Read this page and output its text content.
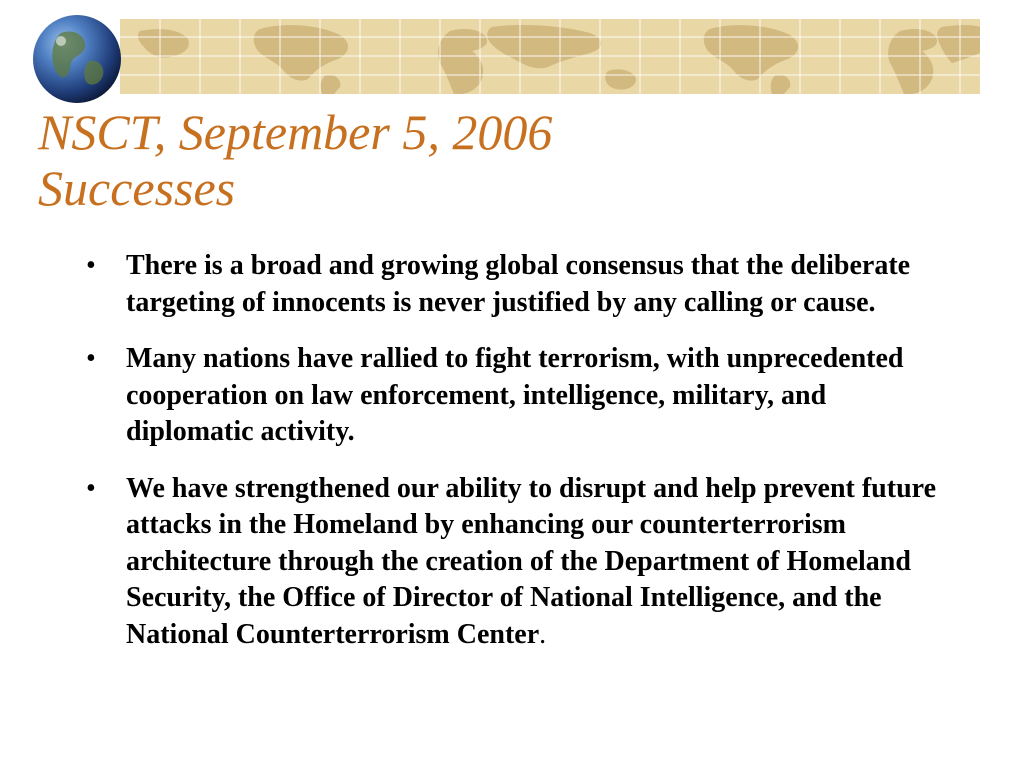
NSCT, September 5, 2006
Successes
•	There is a broad and growing global consensus that the deliberate targeting of innocents is never justified by any calling or cause.
•	Many nations have rallied to fight terrorism, with unprecedented cooperation on law enforcement, intelligence, military, and diplomatic activity.
•	We have strengthened our ability to disrupt and help prevent future attacks in the Homeland by enhancing our counterterrorism architecture through the creation of the Department of Homeland Security, the Office of Director of National Intelligence, and the National Counterterrorism Center.
